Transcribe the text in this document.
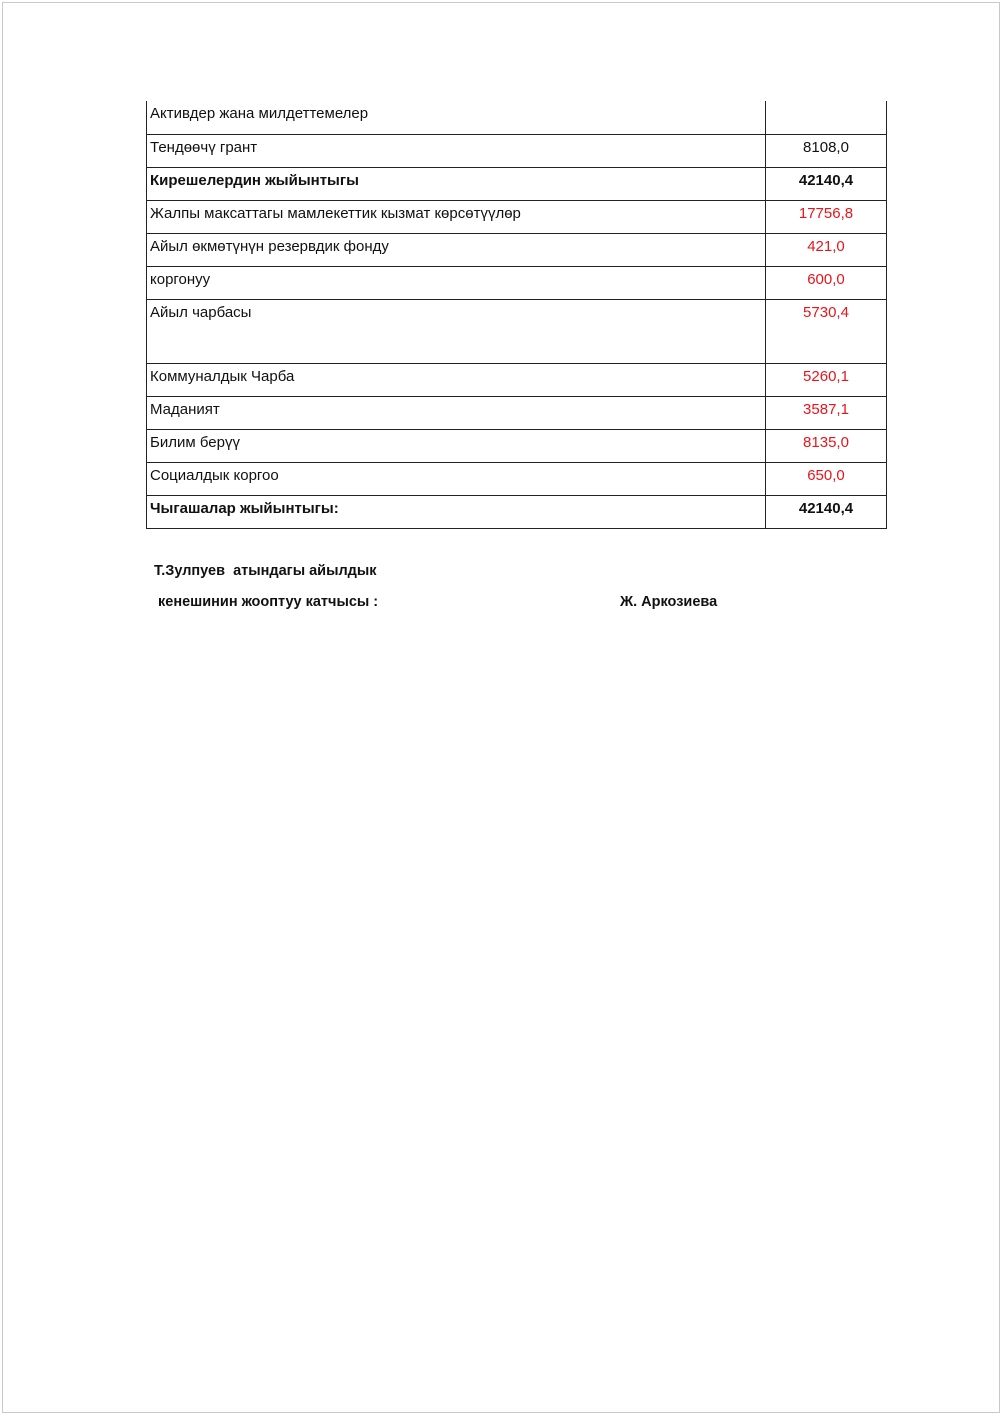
Активдер жана милдеттемелер	
Тендөөчү грант	8108,0
Кирешелердин жыйынтыгы	42140,4
Жалпы максаттагы мамлекеттик кызмат көрсөтүүлөр	17756,8
Айыл өкмөтүнүн резервдик фонду	421,0
коргонуу	600,0
Айыл чарбасы	5730,4
Коммуналдык Чарба	5260,1
Маданият	3587,1
Билим берүү	8135,0
Социалдык коргоо	650,0
Чыгашалар жыйынтыгы:	42140,4
Т.Зулпуев  атындагы айылдык
кенешинин жооптуу катчысы :	Ж. Аркозиева
